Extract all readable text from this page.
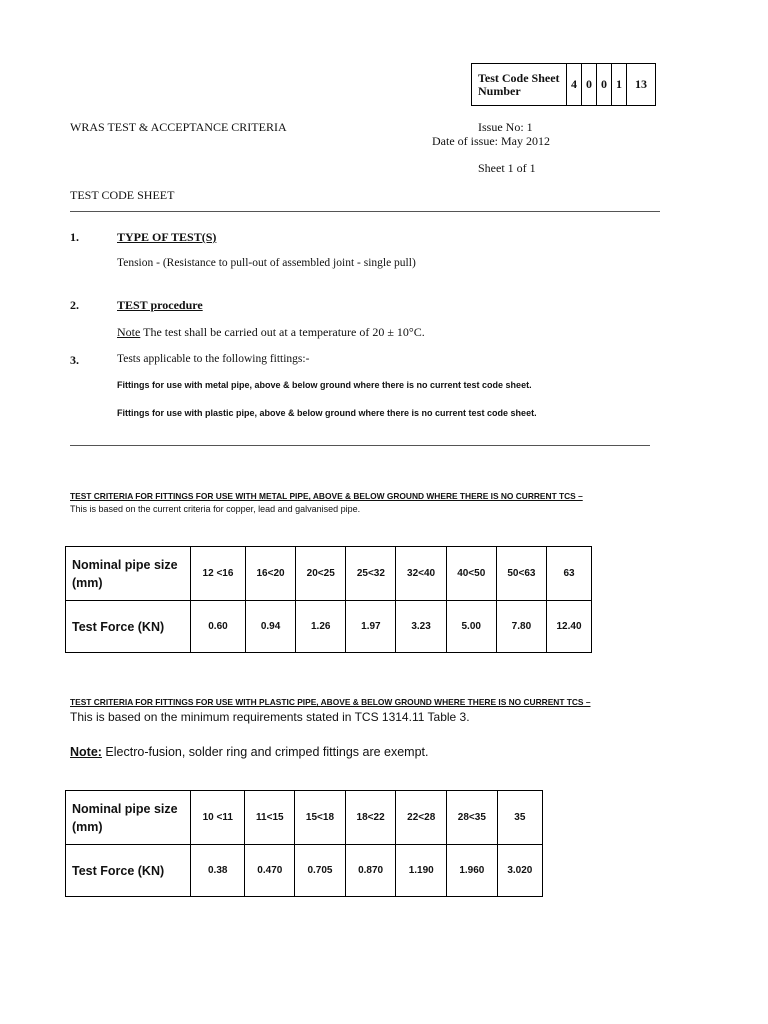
Test Code Sheet Number	4	0	0	1	13
WRAS TEST & ACCEPTANCE CRITERIA	Issue No: 1
Date of issue: May 2012
Sheet 1 of 1
TEST CODE SHEET
1.	TYPE OF TEST(S)
Tension - (Resistance to pull-out of assembled joint - single pull)
2.	TEST procedure
Note The test shall be carried out at a temperature of 20 ± 10°C.
3.	Tests applicable to the following fittings:-
Fittings for use with metal pipe, above & below ground where there is no current test code sheet.
Fittings for use with plastic pipe, above & below ground where there is no current test code sheet.
TEST CRITERIA FOR FITTINGS FOR USE WITH METAL PIPE, ABOVE & BELOW GROUND WHERE THERE IS NO CURRENT TCS –
This is based on the current criteria for copper, lead and galvanised pipe.
Nominal pipe size (mm)	12 <16	16<20	20<25	25<32	32<40	40<50	50<63	63
Test Force (KN)	0.60	0.94	1.26	1.97	3.23	5.00	7.80	12.40
TEST CRITERIA FOR FITTINGS FOR USE WITH PLASTIC PIPE, ABOVE & BELOW GROUND WHERE THERE IS NO CURRENT TCS –
This is based on the minimum requirements stated in TCS 1314.11 Table 3.
Note: Electro-fusion, solder ring and crimped fittings are exempt.
Nominal pipe size (mm)	10 <11	11<15	15<18	18<22	22<28	28<35	35
Test Force (KN)	0.38	0.470	0.705	0.870	1.190	1.960	3.020
